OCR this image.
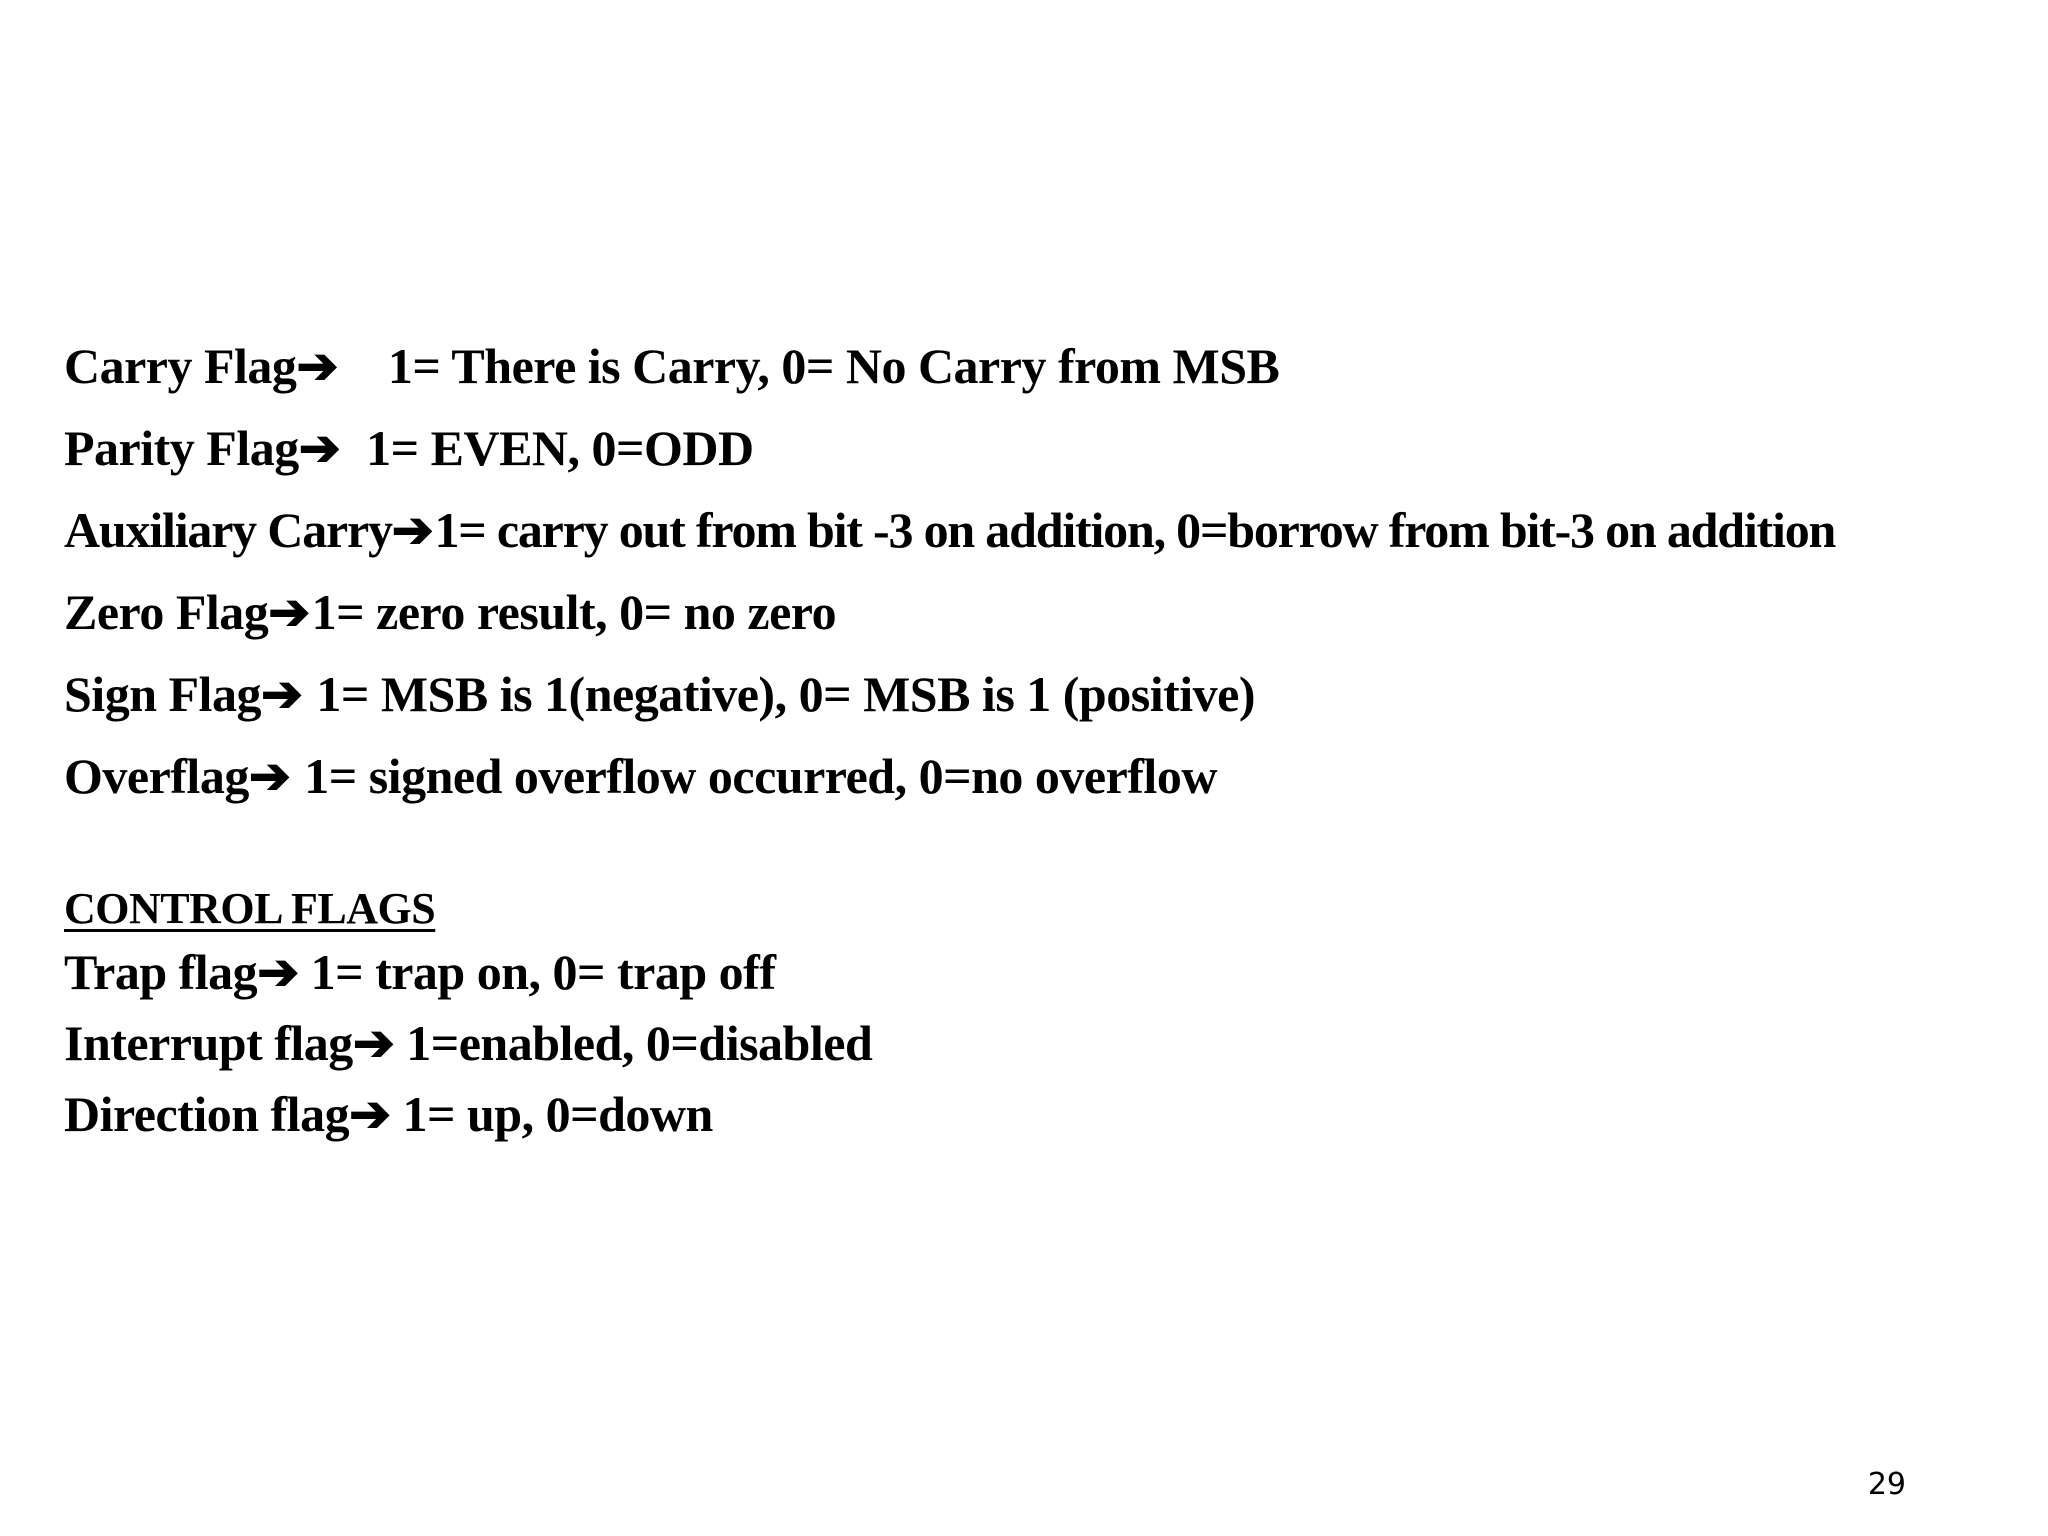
Carry Flag➔    1= There is Carry, 0= No Carry from MSB
Parity Flag➔  1= EVEN, 0=ODD
Auxiliary Carry➔1= carry out from bit -3 on addition, 0=borrow from bit-3 on addition
Zero Flag➔1= zero result, 0= no zero
Sign Flag➔ 1= MSB is 1(negative), 0= MSB is 1 (positive)
Overflag➔ 1= signed overflow occurred, 0=no overflow
CONTROL FLAGS
Trap flag➔ 1= trap on, 0= trap off
Interrupt flag➔ 1=enabled, 0=disabled
Direction flag➔ 1= up, 0=down
29
